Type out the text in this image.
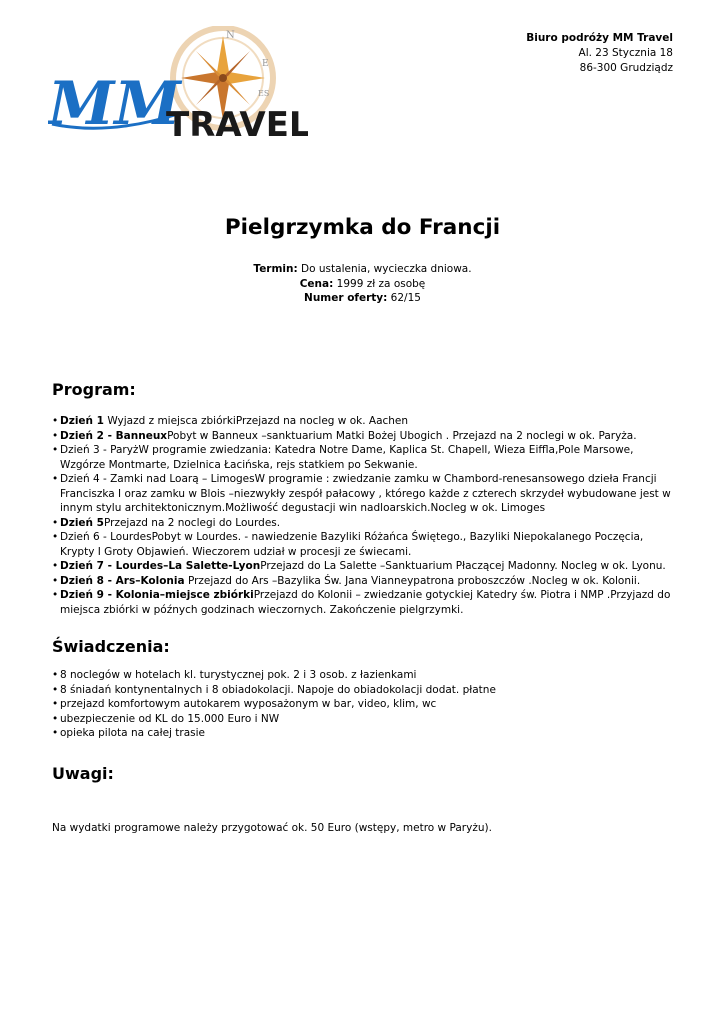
N
E
ES
MM
TRAVEL
Biuro podróży MM Travel
Al. 23 Stycznia 18
86-300 Grudziądz
Pielgrzymka do Francji
Termin: Do ustalenia, wycieczka dniowa.
Cena: 1999 zł za osobę
Numer oferty: 62/15
Program:
• Dzień 1 Wyjazd z miejsca zbiórkiPrzejazd na nocleg w ok. Aachen
• Dzień 2 - BanneuxPobyt w Banneux –sanktuarium Matki Bożej Ubogich . Przejazd na 2 noclegi w ok. Paryża.
• Dzień 3 - ParyżW programie zwiedzania: Katedra Notre Dame, Kaplica St. Chapell, Wieza Eiffla,Pole Marsowe, Wzgórze Montmarte, Dzielnica Łacińska, rejs statkiem po Sekwanie.
• Dzień 4 - Zamki nad Loarą – LimogesW programie : zwiedzanie zamku w Chambord-renesansowego dzieła Francji Franciszka I oraz zamku w Blois –niezwykły zespół pałacowy , którego każde z czterech skrzydeł wybudowane jest w innym stylu architektonicznym.Możliwość degustacji win nadloarskich.Nocleg w ok. Limoges
• Dzień 5Przejazd na 2 noclegi do Lourdes.
• Dzień 6 - LourdesPobyt w Lourdes. - nawiedzenie Bazyliki Różańca Świętego., Bazyliki Niepokalanego Poczęcia, Krypty I Groty Objawień. Wieczorem udział w procesji ze świecami.
• Dzień 7 - Lourdes–La Salette-LyonPrzejazd do La Salette –Sanktuarium Płaczącej Madonny. Nocleg w ok. Lyonu.
• Dzień 8 - Ars–Kolonia Przejazd do Ars –Bazylika Św. Jana Vianneypatrona proboszczów .Nocleg w ok. Kolonii.
• Dzień 9 - Kolonia–miejsce zbiórkiPrzejazd do Kolonii – zwiedzanie gotyckiej Katedry św. Piotra i NMP .Przyjazd do miejsca zbiórki w późnych godzinach wieczornych. Zakończenie pielgrzymki.
Świadczenia:
• 8 noclegów w hotelach kl. turystycznej pok. 2 i 3 osob. z łazienkami
• 8 śniadań kontynentalnych i 8 obiadokolacji. Napoje do obiadokolacji dodat. płatne
• przejazd komfortowym autokarem wyposażonym w bar, video, klim, wc
• ubezpieczenie od KL do 15.000 Euro i NW
• opieka pilota na całej trasie
Uwagi:
Na wydatki programowe należy przygotować ok. 50 Euro (wstępy, metro w Paryżu).
